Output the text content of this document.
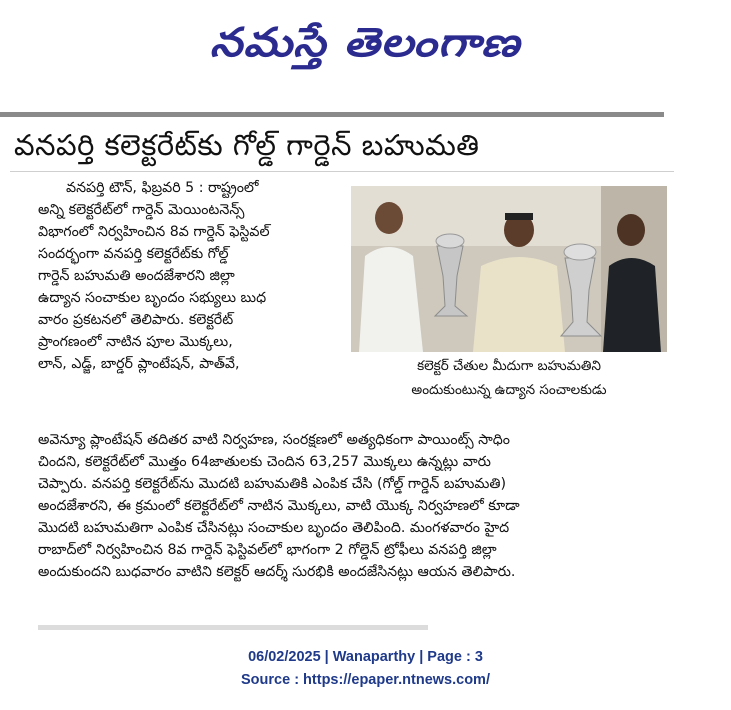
నమస్తే తెలంగాణ
వనపర్తి కలెక్టరేట్‌కు గోల్డ్ గార్డెన్ బహుమతి
వనపర్తి టౌన్, ఫిబ్రవరి 5 : రాష్ట్రంలో
అన్ని కలెక్టరేట్‌లో గార్డెన్ మెయింటనెన్స్
విభాగంలో నిర్వహించిన 8వ గార్డెన్ ఫెస్టివల్
సందర్భంగా వనపర్తి కలెక్టరేట్‌కు గోల్డ్
గార్డెన్ బహుమతి అందజేశారని జిల్లా
ఉద్యాన సంచాకుల బృందం సభ్యులు బుధ
వారం ప్రకటనలో తెలిపారు. కలెక్టరేట్
ప్రాంగణంలో నాటిన పూల మొక్కలు,
లాన్, ఎడ్జ్, బార్డర్ ప్లాంటేషన్, పాత్‌వే,	కలెక్టర్ చేతుల మీదుగా బహుమతిని
అందుకుంటున్న ఉద్యాన సంచాలకుడు
అవెన్యూ ప్లాంటేషన్ తదితర వాటి నిర్వహణ, సంరక్షణలో అత్యధికంగా పాయింట్స్ సాధిం
చిందని, కలెక్టరేట్‌లో మొత్తం 64జాతులకు చెందిన 63,257 మొక్కలు ఉన్నట్లు వారు
చెప్పారు. వనపర్తి కలెక్టరేట్‌ను మొదటి బహుమతికి ఎంపిక చేసి (గోల్డ్ గార్డెన్ బహుమతి)
అందజేశారని, ఈ క్రమంలో కలెక్టరేట్‌లో నాటిన మొక్కలు, వాటి యొక్క నిర్వహణలో కూడా
మొదటి బహుమతిగా ఎంపిక చేసినట్లు సంచాకుల బృందం తెలిపింది. మంగళవారం హైద
రాబాద్‌లో నిర్వహించిన 8వ గార్డెన్ ఫెస్టివల్‌లో భాగంగా 2 గోల్డెన్ ట్రోఫీలు వనపర్తి జిల్లా
అందుకుందని బుధవారం వాటిని కలెక్టర్ ఆదర్శ్ సురభికి అందజేసినట్లు ఆయన తెలిపారు.
06/02/2025 | Wanaparthy | Page : 3
Source : https://epaper.ntnews.com/
